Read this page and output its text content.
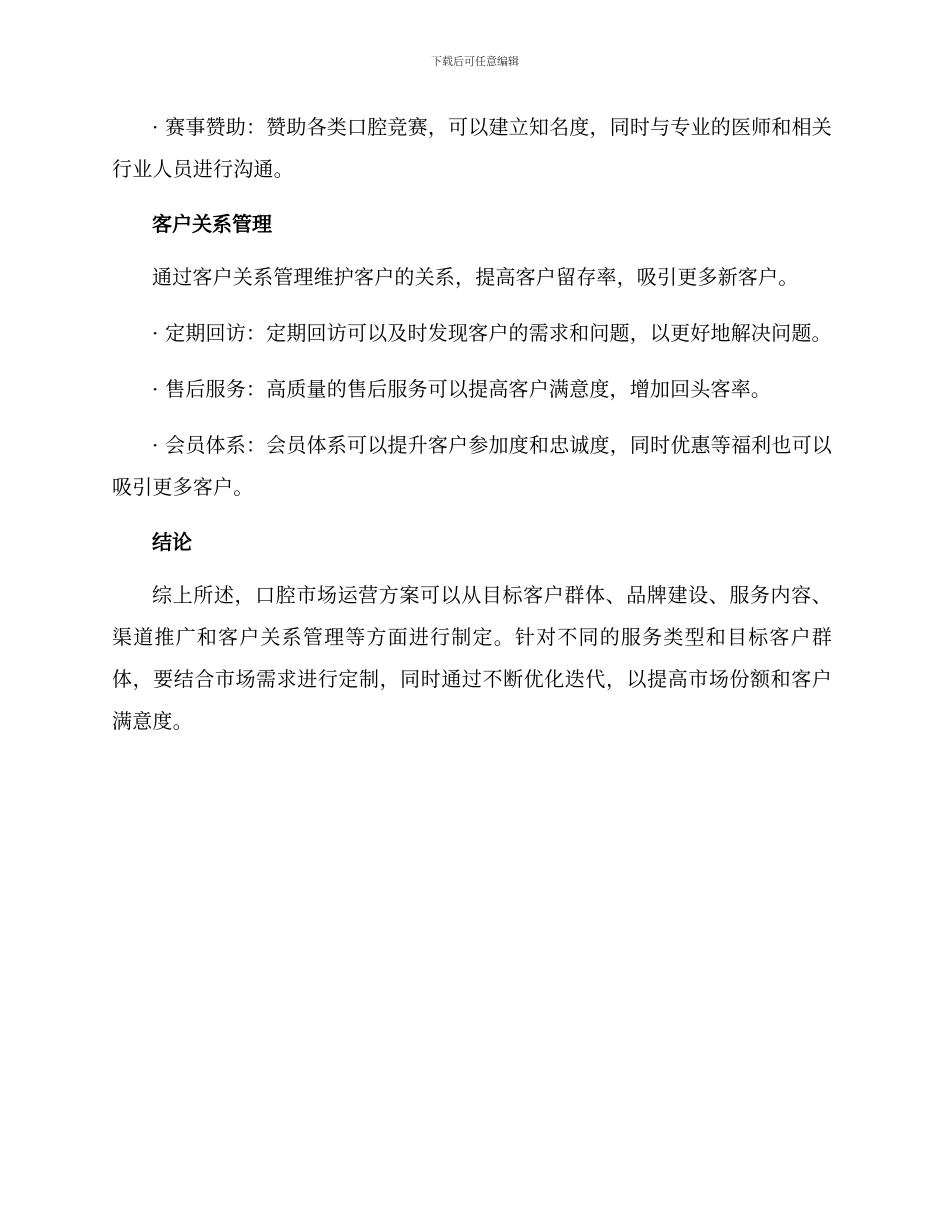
下载后可任意编辑

· 赛事赞助：赞助各类口腔竞赛，可以建立知名度，同时与专业的医师和相关行业人员进行沟通。

客户关系管理

通过客户关系管理维护客户的关系，提高客户留存率，吸引更多新客户。

· 定期回访：定期回访可以及时发现客户的需求和问题，以更好地解决问题。

· 售后服务：高质量的售后服务可以提高客户满意度，增加回头客率。

· 会员体系：会员体系可以提升客户参加度和忠诚度，同时优惠等福利也可以吸引更多客户。

结论

综上所述，口腔市场运营方案可以从目标客户群体、品牌建设、服务内容、渠道推广和客户关系管理等方面进行制定。针对不同的服务类型和目标客户群体，要结合市场需求进行定制，同时通过不断优化迭代，以提高市场份额和客户满意度。
